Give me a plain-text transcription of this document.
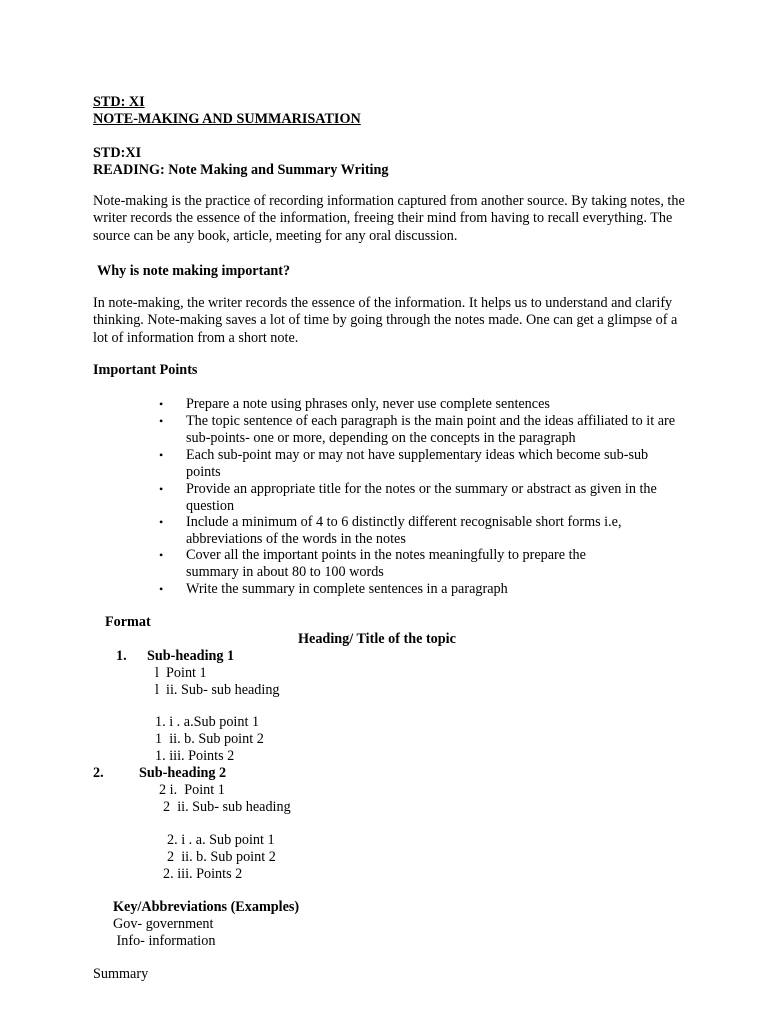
STD: XI
NOTE-MAKING AND SUMMARISATION
STD:XI
READING: Note Making and Summary Writing
Note-making is the practice of recording information captured from another source. By taking notes, the writer records the essence of the information, freeing their mind from having to recall everything. The source can be any book, article, meeting for any oral discussion.
Why is note making important?
In note-making, the writer records the essence of the information. It helps us to understand and clarify thinking. Note-making saves a lot of time by going through the notes made. One can get a glimpse of a lot of information from a short note.
Important Points
• Prepare a note using phrases only, never use complete sentences
• The topic sentence of each paragraph is the main point and the ideas affiliated to it are sub-points- one or more, depending on the concepts in the paragraph
• Each sub-point may or may not have supplementary ideas which become sub-sub points
• Provide an appropriate title for the notes or the summary or abstract as given in the question
• Include a minimum of 4 to 6 distinctly different recognisable short forms i.e, abbreviations of the words in the notes
• Cover all the important points in the notes meaningfully to prepare the summary in about 80 to 100 words
• Write the summary in complete sentences in a paragraph
Format
Heading/ Title of the topic
1. Sub-heading 1
l  Point 1
l  ii. Sub- sub heading
1. i . a.Sub point 1
1  ii. b. Sub point 2
1. iii. Points 2
2. Sub-heading 2
2 i.  Point 1
2  ii. Sub- sub heading
2. i . a. Sub point 1
2  ii. b. Sub point 2
2. iii. Points 2
Key/Abbreviations (Examples)
Gov- government
Info- information
Summary
